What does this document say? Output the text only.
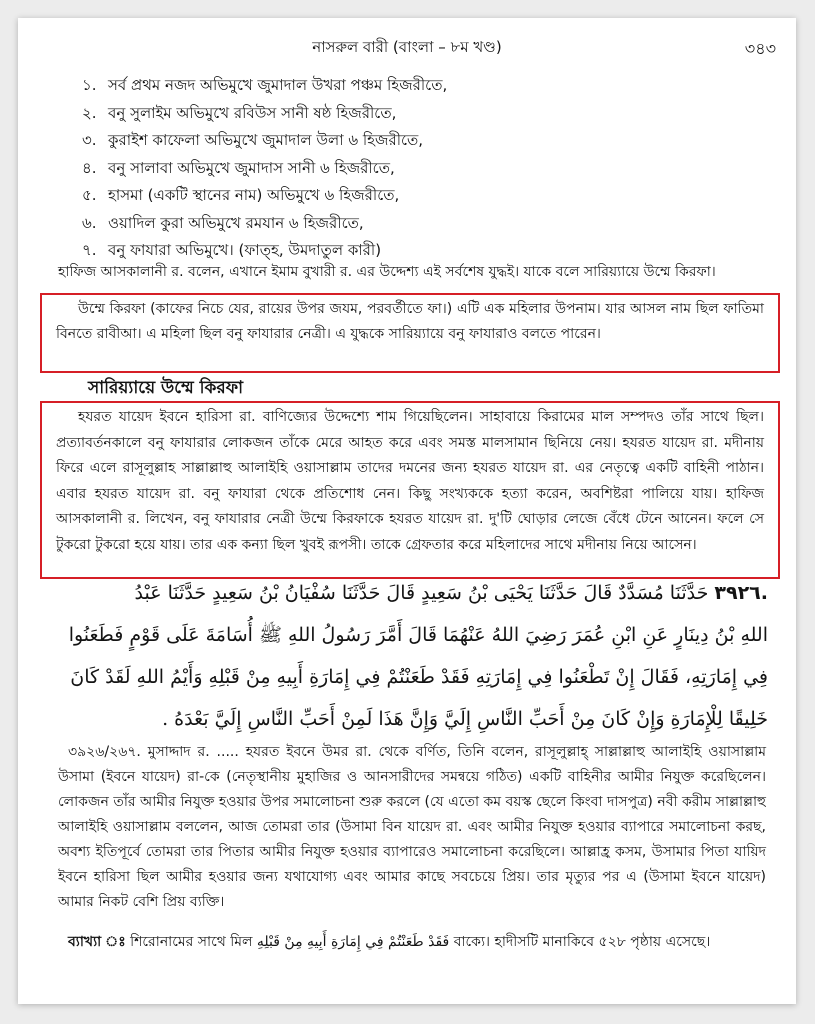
নাসরুল বারী (বাংলা – ৮ম খণ্ড)	৩৪৩
১. সর্ব প্রথম নজদ অভিমুখে জুমাদাল উখরা পঞ্চম হিজরীতে,
২. বনু সুলাইম অভিমুখে রবিউস সানী ষষ্ঠ হিজরীতে,
৩. কুরাইশ কাফেলা অভিমুখে জুমাদাল উলা ৬ হিজরীতে,
৪. বনু সালাবা অভিমুখে জুমাদাস সানী ৬ হিজরীতে,
৫. হাসমা (একটি স্থানের নাম) অভিমুখে ৬ হিজরীতে,
৬. ওয়াদিল কুরা অভিমুখে রমযান ৬ হিজরীতে,
৭. বনু ফাযারা অভিমুখে। (ফাত্হ, উমদাতুল কারী)
হাফিজ আসকালানী র. বলেন, এখানে ইমাম বুখারী র. এর উদ্দেশ্য এই সর্বশেষ যুদ্ধই। যাকে বলে সারিয়্যায়ে উম্মে কিরফা।
উম্মে কিরফা (কাফের নিচে যের, রায়ের উপর জযম, পরবর্তীতে ফা।) এটি এক মহিলার উপনাম। যার আসল নাম ছিল ফাতিমা বিনতে রাবীআ। এ মহিলা ছিল বনু ফাযারার নেত্রী। এ যুদ্ধকে সারিয়্যায়ে বনু ফাযারাও বলতে পারেন।
সারিয়্যায়ে উম্মে কিরফা
হযরত যায়েদ ইবনে হারিসা রা. বাণিজ্যের উদ্দেশ্যে শাম গিয়েছিলেন। সাহাবায়ে কিরামের মাল সম্পদও তাঁর সাথে ছিল। প্রত্যাবর্তনকালে বনু ফাযারার লোকজন তাঁকে মেরে আহত করে এবং সমস্ত মালসামান ছিনিয়ে নেয়। হযরত যায়েদ রা. মদীনায় ফিরে এলে রাসূলুল্লাহ সাল্লাল্লাহু আলাইহি ওয়াসাল্লাম তাদের দমনের জন্য হযরত যায়েদ রা. এর নেতৃত্বে একটি বাহিনী পাঠান। এবার হযরত যায়েদ রা. বনু ফাযারা থেকে প্রতিশোধ নেন। কিছু সংখ্যককে হত্যা করেন, অবশিষ্টরা পালিয়ে যায়। হাফিজ আসকালানী র. লিখেন, বনু ফাযারার নেত্রী উম্মে কিরফাকে হযরত যায়েদ রা. দু'টি ঘোড়ার লেজে বেঁধে টেনে আনেন। ফলে সে টুকরো টুকরো হয়ে যায়। তার এক কন্যা ছিল খুবই রূপসী। তাকে গ্রেফতার করে মহিলাদের সাথে মদীনায় নিয়ে আসেন।
٣٩٢٦. حَدَّثَنَا مُسَدَّدٌ قَالَ حَدَّثَنَا يَحْيَى بْنُ سَعِيدٍ قَالَ حَدَّثَنَا سُفْيَانُ بْنُ سَعِيدٍ حَدَّثَنَا عَبْدُ
اللهِ بْنُ دِينَارٍ عَنِ ابْنِ عُمَرَ رَضِيَ اللهُ عَنْهُمَا قَالَ أَمَّرَ رَسُولُ اللهِ ﷺ أُسَامَةَ عَلَى قَوْمٍ فَطَعَنُوا
فِي إِمَارَتِهِ، فَقَالَ إِنْ تَطْعَنُوا فِي إِمَارَتِهِ فَقَدْ طَعَنْتُمْ فِي إِمَارَةِ أَبِيهِ مِنْ قَبْلِهِ وَأَيْمُ اللهِ لَقَدْ كَانَ
خَلِيقًا لِلْإِمَارَةِ وَإِنْ كَانَ مِنْ أَحَبِّ النَّاسِ إِلَيَّ وَإِنَّ هَذَا لَمِنْ أَحَبِّ النَّاسِ إِلَيَّ بَعْدَهُ .
৩৯২৬/২৬৭. মুসাদ্দাদ র. ..... হযরত ইবনে উমর রা. থেকে বর্ণিত, তিনি বলেন, রাসূলুল্লাহ্ সাল্লাল্লাহু আলাইহি ওয়াসাল্লাম উসামা (ইবনে যায়েদ) রা-কে (নেতৃস্থানীয় মুহাজির ও আনসারীদের সমন্বয়ে গঠিত) একটি বাহিনীর আমীর নিযুক্ত করেছিলেন। লোকজন তাঁর আমীর নিযুক্ত হওয়ার উপর সমালোচনা শুরু করলে (যে এতো কম বয়স্ক ছেলে কিংবা দাসপুত্র) নবী করীম সাল্লাল্লাহু আলাইহি ওয়াসাল্লাম বললেন, আজ তোমরা তার (উসামা বিন যায়েদ রা. এবং আমীর নিযুক্ত হওয়ার ব্যাপারে সমালোচনা করছ, অবশ্য ইতিপূর্বে তোমরা তার পিতার আমীর নিযুক্ত হওয়ার ব্যাপারেও সমালোচনা করেছিলে। আল্লাহ্র কসম, উসামার পিতা যায়িদ ইবনে হারিসা ছিল আমীর হওয়ার জন্য যথাযোগ্য এবং আমার কাছে সবচেয়ে প্রিয়। তার মৃত্যুর পর এ (উসামা ইবনে যায়েদ) আমার নিকট বেশি প্রিয় ব্যক্তি।
ব্যাখ্যা ঃ শিরোনামের সাথে মিল فَقَدْ طَعَنْتُمْ فِي إِمَارَةِ أَبِيهِ مِنْ قَبْلِهِ বাক্যে। হাদীসটি মানাকিবে ৫২৮ পৃষ্ঠায় এসেছে।
